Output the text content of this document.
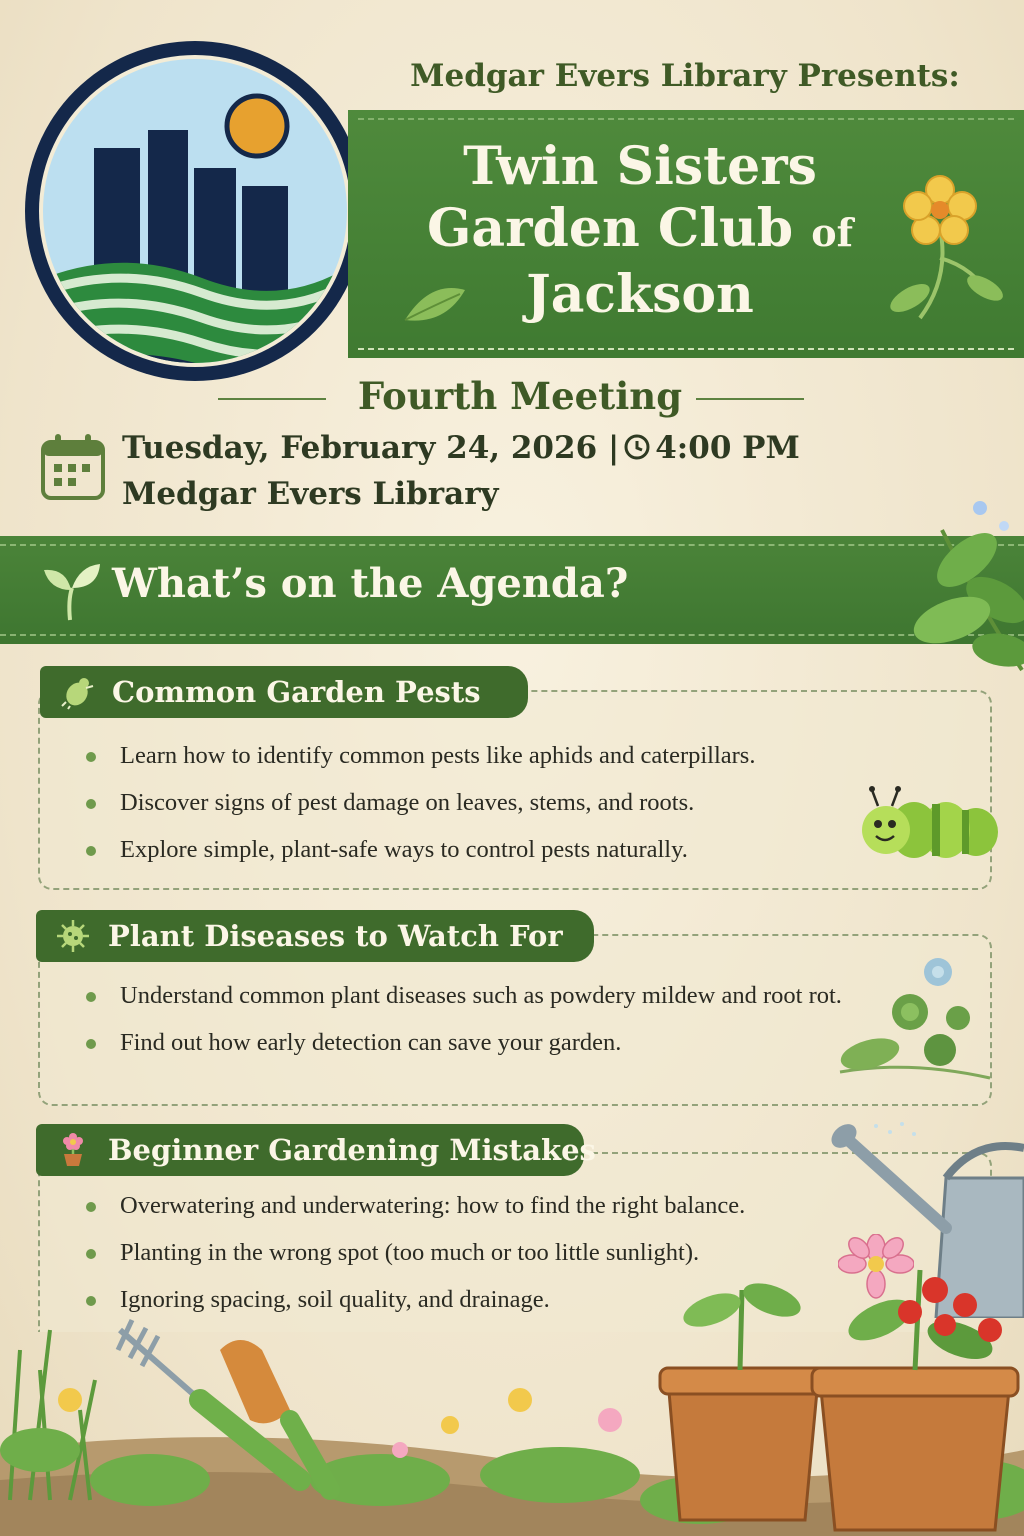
Medgar Evers Library Presents:
Twin Sisters
Garden Club of
Jackson
Fourth Meeting
Tuesday, February 24, 2026 | 4:00 PM
Medgar Evers Library
What’s on the Agenda?
Common Garden Pests
Learn how to identify common pests like aphids and caterpillars.
Discover signs of pest damage on leaves, stems, and roots.
Explore simple, plant-safe ways to control pests naturally.
Plant Diseases to Watch For
Understand common plant diseases such as powdery mildew and root rot.
Find out how early detection can save your garden.
Beginner Gardening Mistakes
Overwatering and underwatering: how to find the right balance.
Planting in the wrong spot (too much or too little sunlight).
Ignoring spacing, soil quality, and drainage.
